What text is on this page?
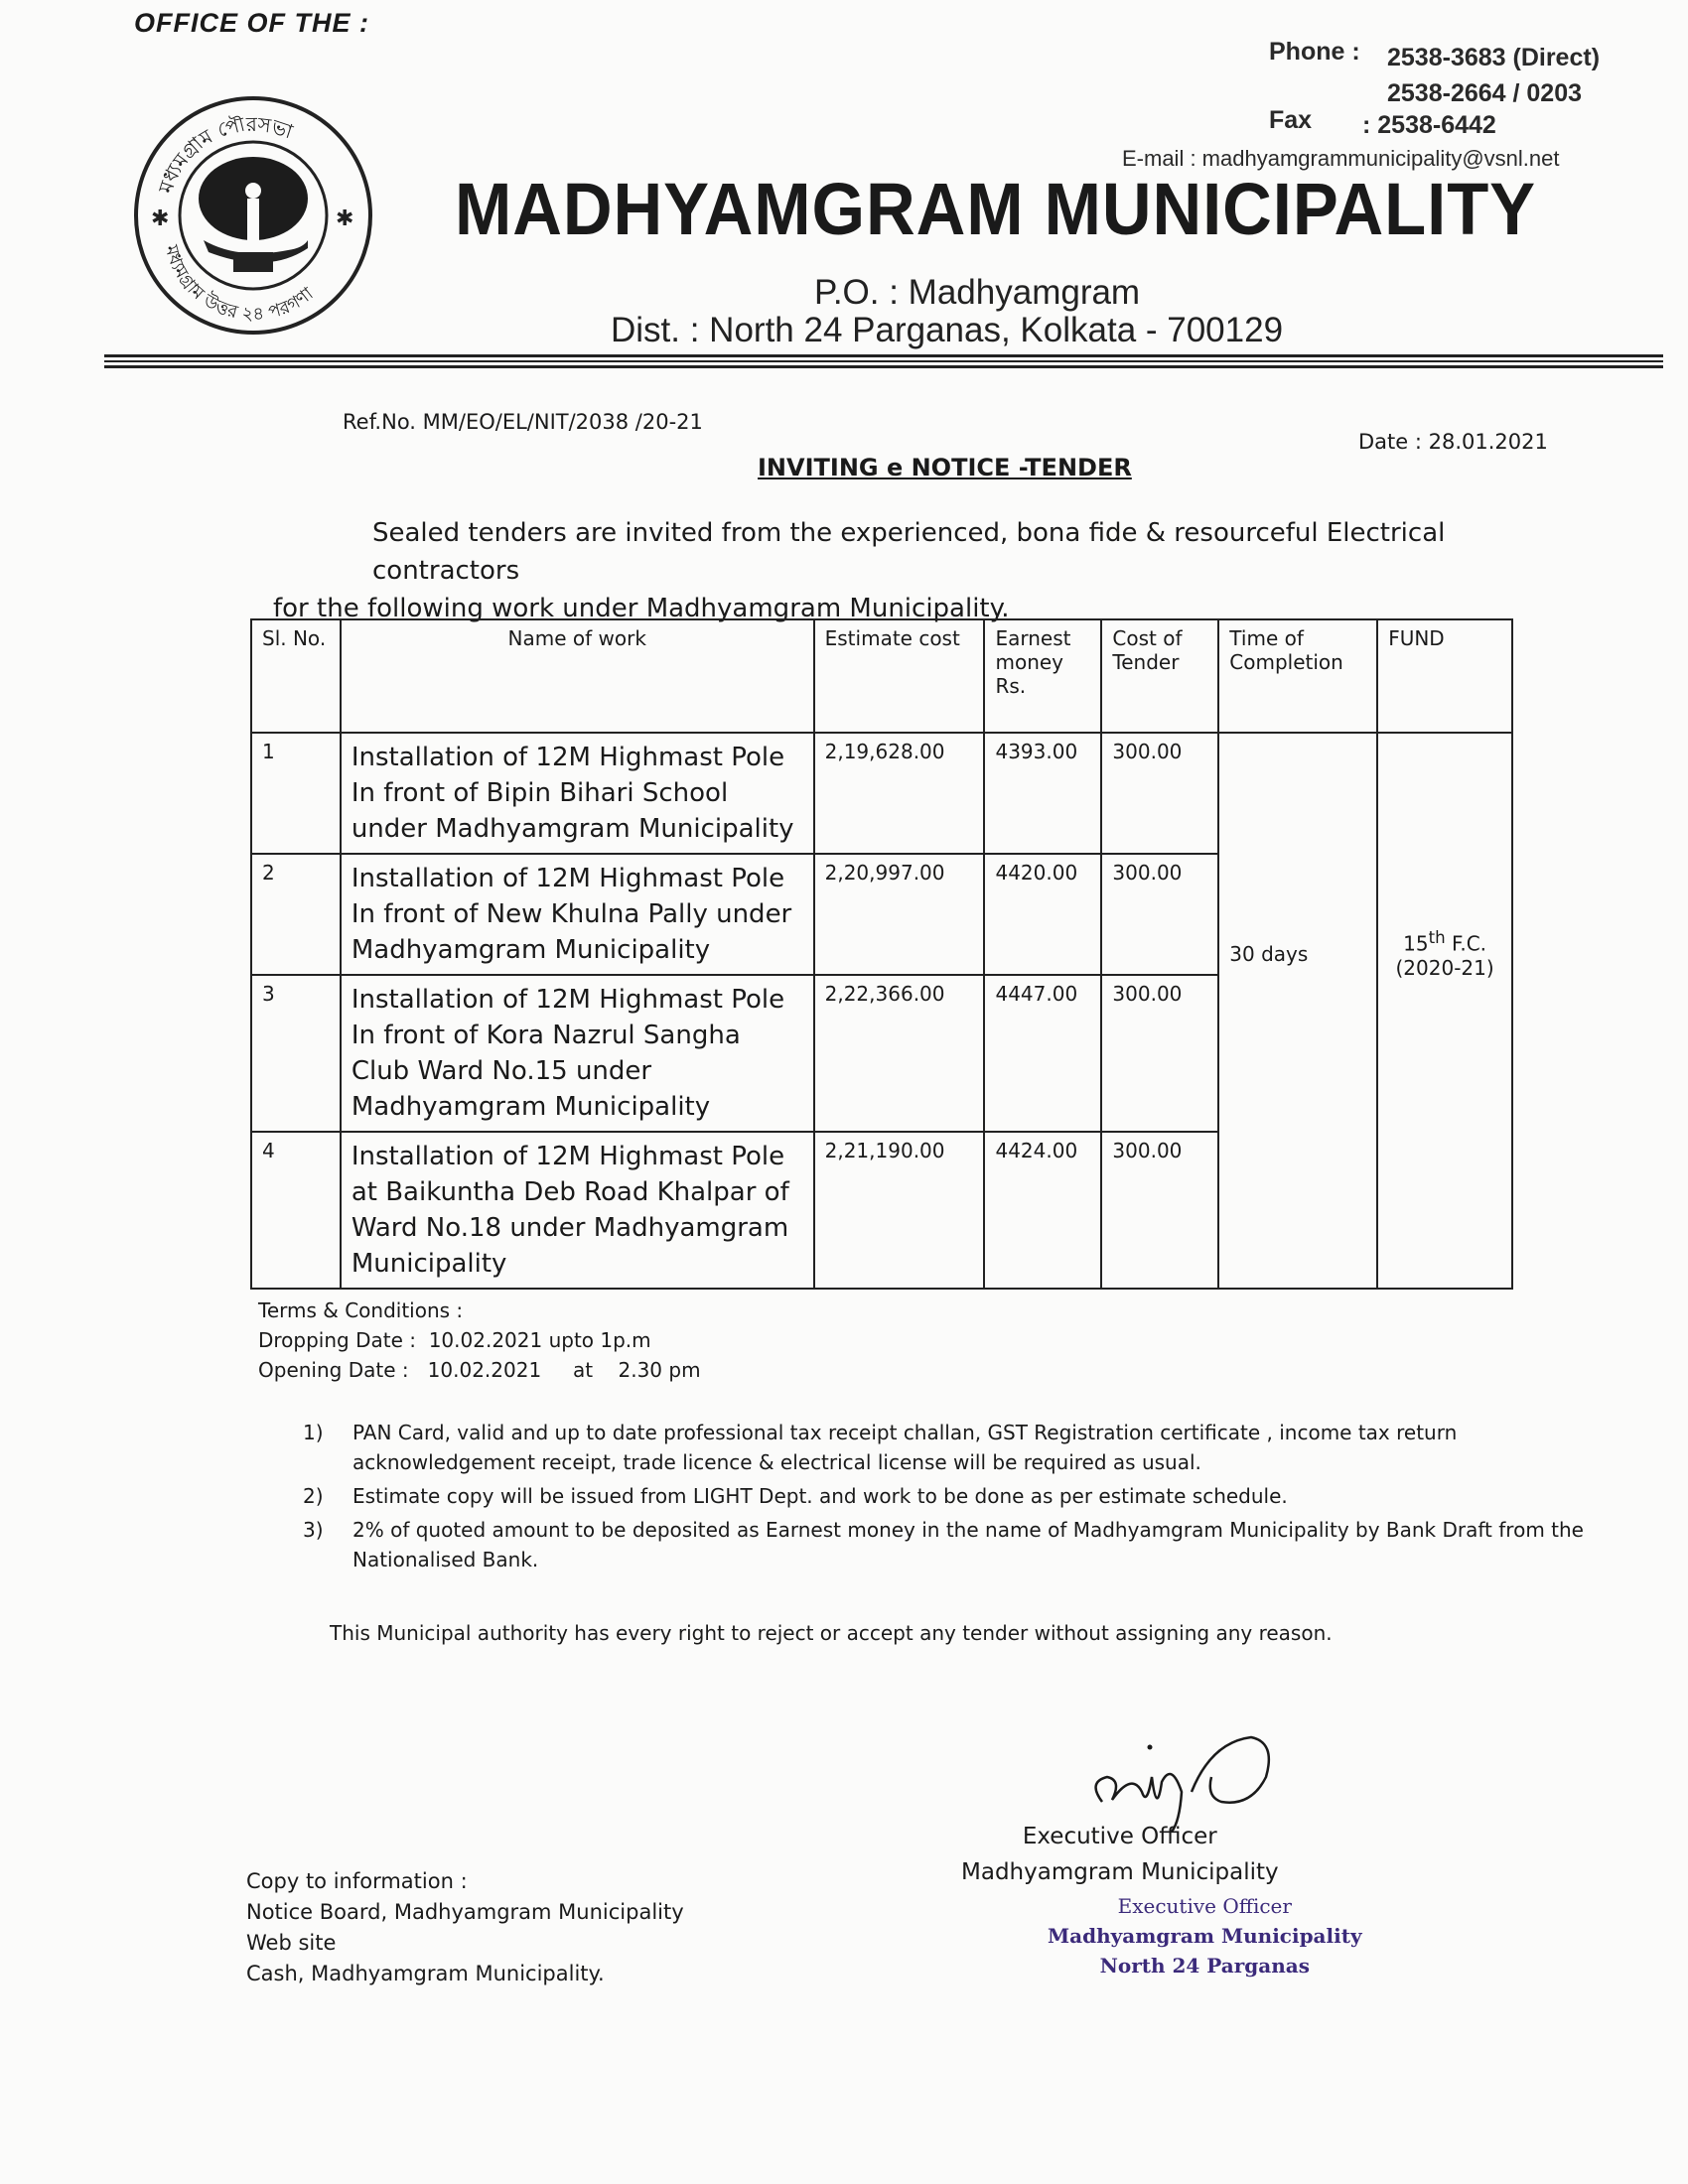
OFFICE OF THE :
Phone : 2538-3683 (Direct)
2538-2664 / 0203
Fax : 2538-6442
E-mail : madhyamgrammunicipality@vsnl.net
মধ্যমগ্রাম পৌরসভা
মধ্যমগ্রাম উত্তর ২৪ পরগণা
✱	✱ MADHYAMGRAM MUNICIPALITY
P.O. : Madhyamgram
Dist. : North 24 Parganas, Kolkata - 700129
Ref.No. MM/EO/EL/NIT/2038 /20-21
Date : 28.01.2021
INVITING e NOTICE -TENDER
Sealed tenders are invited from the experienced, bona fide & resourceful Electrical contractors
for the following work under Madhyamgram Municipality.
Sl. No.	Name of work	Estimate cost	Earnest money Rs.	Cost of Tender	Time of Completion	FUND
1	Installation of 12M Highmast Pole In front of Bipin Bihari School under Madhyamgram Municipality	2,19,628.00	4393.00	300.00	30 days	15th F.C.
(2020-21)
2	Installation of 12M Highmast Pole In front of New Khulna Pally under Madhyamgram Municipality	2,20,997.00	4420.00	300.00		
3	Installation of 12M Highmast Pole In front of Kora Nazrul Sangha Club Ward No.15 under Madhyamgram Municipality	2,22,366.00	4447.00	300.00		
4	Installation of 12M Highmast Pole at Baikuntha Deb Road Khalpar of Ward No.18 under Madhyamgram Municipality	2,21,190.00	4424.00	300.00		
Terms & Conditions :
Dropping Date :  10.02.2021 upto 1p.m
Opening Date :   10.02.2021     at    2.30 pm
1)	PAN Card, valid and up to date professional tax receipt challan, GST Registration certificate , income tax return acknowledgement receipt, trade licence & electrical license will be required as usual.
2)	Estimate copy will be issued from LIGHT Dept. and work to be done as per estimate schedule.
3)	2% of quoted amount to be deposited as Earnest money in the name of Madhyamgram Municipality by Bank Draft from the Nationalised Bank.
This Municipal authority has every right to reject or accept any tender without assigning any reason.
Executive Officer
Madhyamgram Municipality
Executive Officer
Madhyamgram Municipality
North 24 Parganas
Copy to information :
Notice Board, Madhyamgram Municipality
Web site
Cash, Madhyamgram Municipality.
